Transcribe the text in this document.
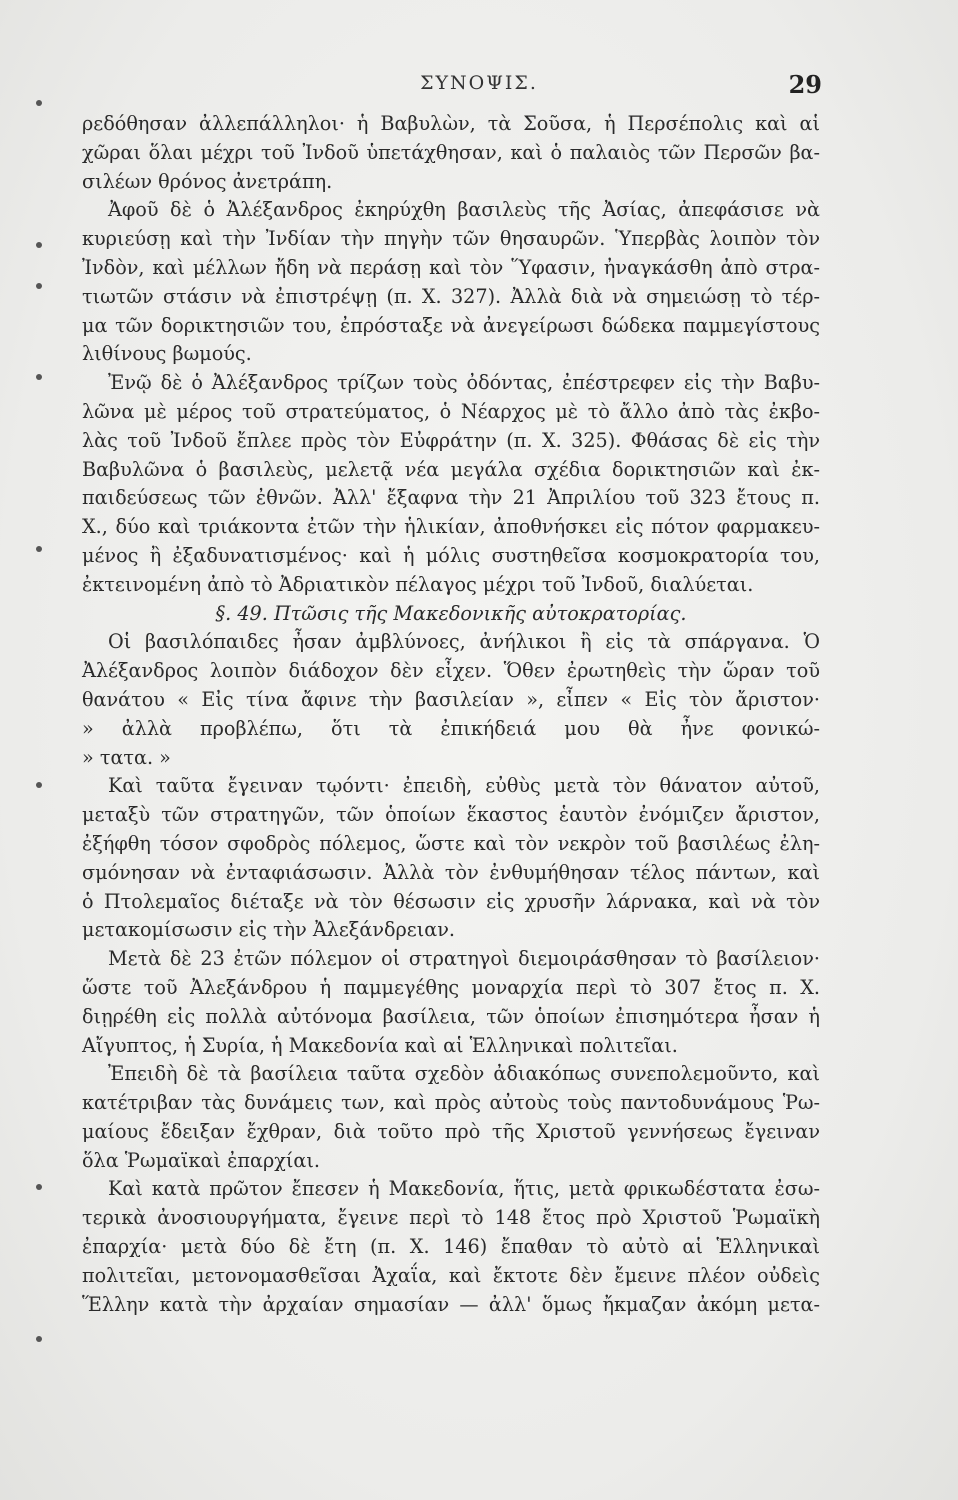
ΣΥΝΟΨΙΣ.	29
ρεδόθησαν ἀλλεπάλληλοι· ἡ Βαβυλὼν, τὰ Σοῦσα, ἡ Περσέπολις καὶ αἱ
χῶραι ὅλαι μέχρι τοῦ Ἰνδοῦ ὑπετάχθησαν, καὶ ὁ παλαιὸς τῶν Περσῶν βα-
σιλέων θρόνος ἀνετράπη.
Ἀφοῦ δὲ ὁ Ἀλέξανδρος ἐκηρύχθη βασιλεὺς τῆς Ἀσίας, ἀπεφάσισε νὰ
κυριεύσῃ καὶ τὴν Ἰνδίαν τὴν πηγὴν τῶν θησαυρῶν. Ὑπερβὰς λοιπὸν τὸν
Ἰνδὸν, καὶ μέλλων ἤδη νὰ περάσῃ καὶ τὸν Ὕφασιν, ἠναγκάσθη ἀπὸ στρα-
τιωτῶν στάσιν νὰ ἐπιστρέψῃ (π. Χ. 327). Ἀλλὰ διὰ νὰ σημειώσῃ τὸ τέρ-
μα τῶν δορικτησιῶν του, ἐπρόσταξε νὰ ἀνεγείρωσι δώδεκα παμμεγίστους
λιθίνους βωμούς.
Ἐνῷ δὲ ὁ Ἀλέξανδρος τρίζων τοὺς ὀδόντας, ἐπέστρεφεν εἰς τὴν Βαβυ-
λῶνα μὲ μέρος τοῦ στρατεύματος, ὁ Νέαρχος μὲ τὸ ἄλλο ἀπὸ τὰς ἐκβο-
λὰς τοῦ Ἰνδοῦ ἔπλεε πρὸς τὸν Εὐφράτην (π. Χ. 325). Φθάσας δὲ εἰς τὴν
Βαβυλῶνα ὁ βασιλεὺς, μελετᾷ νέα μεγάλα σχέδια δορικτησιῶν καὶ ἐκ-
παιδεύσεως τῶν ἐθνῶν. Ἀλλ' ἔξαφνα τὴν 21 Ἀπριλίου τοῦ 323 ἔτους π.
Χ., δύο καὶ τριάκοντα ἐτῶν τὴν ἡλικίαν, ἀποθνήσκει εἰς πότον φαρμακευ-
μένος ἢ ἐξαδυνατισμένος· καὶ ἡ μόλις συστηθεῖσα κοσμοκρατορία του,
ἐκτεινομένη ἀπὸ τὸ Ἀδριατικὸν πέλαγος μέχρι τοῦ Ἰνδοῦ, διαλύεται.
§. 49. Πτῶσις τῆς Μακεδονικῆς αὐτοκρατορίας.
Οἱ βασιλόπαιδες ἦσαν ἀμβλύνοες, ἀνήλικοι ἢ εἰς τὰ σπάργανα. Ὁ
Ἀλέξανδρος λοιπὸν διάδοχον δὲν εἶχεν. Ὅθεν ἐρωτηθεὶς τὴν ὥραν τοῦ
θανάτου « Εἰς τίνα ἄφινε τὴν βασιλείαν », εἶπεν « Εἰς τὸν ἄριστον·
» ἀλλὰ προβλέπω, ὅτι τὰ ἐπικήδειά μου θὰ ἦνε φονικώ-
» τατα. »
Καὶ ταῦτα ἔγειναν τῳόντι· ἐπειδὴ, εὐθὺς μετὰ τὸν θάνατον αὐτοῦ,
μεταξὺ τῶν στρατηγῶν, τῶν ὁποίων ἕκαστος ἑαυτὸν ἐνόμιζεν ἄριστον,
ἐξήφθη τόσον σφοδρὸς πόλεμος, ὥστε καὶ τὸν νεκρὸν τοῦ βασιλέως ἐλη-
σμόνησαν νὰ ἐνταφιάσωσιν. Ἀλλὰ τὸν ἐνθυμήθησαν τέλος πάντων, καὶ
ὁ Πτολεμαῖος διέταξε νὰ τὸν θέσωσιν εἰς χρυσῆν λάρνακα, καὶ νὰ τὸν
μετακομίσωσιν εἰς τὴν Ἀλεξάνδρειαν.
Μετὰ δὲ 23 ἐτῶν πόλεμον οἱ στρατηγοὶ διεμοιράσθησαν τὸ βασίλειον·
ὥστε τοῦ Ἀλεξάνδρου ἡ παμμεγέθης μοναρχία περὶ τὸ 307 ἔτος π. Χ.
διῃρέθη εἰς πολλὰ αὐτόνομα βασίλεια, τῶν ὁποίων ἐπισημότερα ἦσαν ἡ
Αἴγυπτος, ἡ Συρία, ἡ Μακεδονία καὶ αἱ Ἑλληνικαὶ πολιτεῖαι.
Ἐπειδὴ δὲ τὰ βασίλεια ταῦτα σχεδὸν ἀδιακόπως συνεπολεμοῦντο, καὶ
κατέτριβαν τὰς δυνάμεις των, καὶ πρὸς αὐτοὺς τοὺς παντοδυνάμους Ῥω-
μαίους ἔδειξαν ἔχθραν, διὰ τοῦτο πρὸ τῆς Χριστοῦ γεννήσεως ἔγειναν
ὅλα Ῥωμαϊκαὶ ἐπαρχίαι.
Καὶ κατὰ πρῶτον ἔπεσεν ἡ Μακεδονία, ἥτις, μετὰ φρικωδέστατα ἐσω-
τερικὰ ἀνοσιουργήματα, ἔγεινε περὶ τὸ 148 ἔτος πρὸ Χριστοῦ Ῥωμαϊκὴ
ἐπαρχία· μετὰ δύο δὲ ἔτη (π. Χ. 146) ἔπαθαν τὸ αὐτὸ αἱ Ἑλληνικαὶ
πολιτεῖαι, μετονομασθεῖσαι Ἀχαΐα, καὶ ἔκτοτε δὲν ἔμεινε πλέον οὐδεὶς
Ἕλλην κατὰ τὴν ἀρχαίαν σημασίαν — ἀλλ' ὅμως ἤκμαζαν ἀκόμη μετα-
